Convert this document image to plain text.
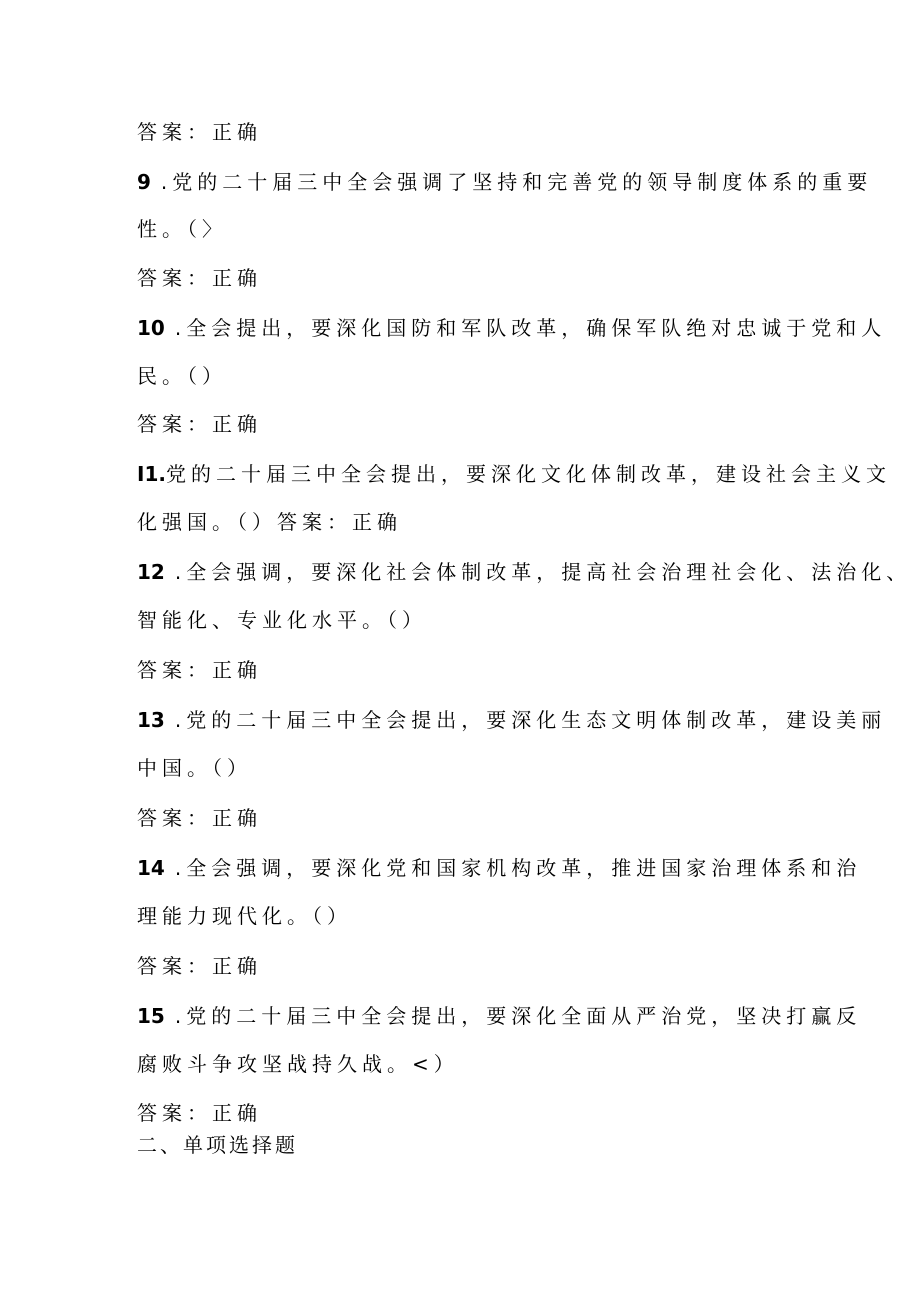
答案：正确
9 .党的二十届三中全会强调了坚持和完善党的领导制度体系的重要
性。（〉
答案：正确
10 .全会提出，要深化国防和军队改革，确保军队绝对忠诚于党和人
民。（）
答案：正确
I1.党的二十届三中全会提出，要深化文化体制改革，建设社会主义文
化强国。（）答案：正确
12 .全会强调，要深化社会体制改革，提高社会治理社会化、法治化、
智能化、专业化水平。（）
答案：正确
13 .党的二十届三中全会提出，要深化生态文明体制改革，建设美丽
中国。（）
答案：正确
14 .全会强调，要深化党和国家机构改革，推进国家治理体系和治
理能力现代化。（）
答案：正确
15 .党的二十届三中全会提出，要深化全面从严治党，坚决打赢反
腐败斗争攻坚战持久战。<）
答案：正确
二、单项选择题
